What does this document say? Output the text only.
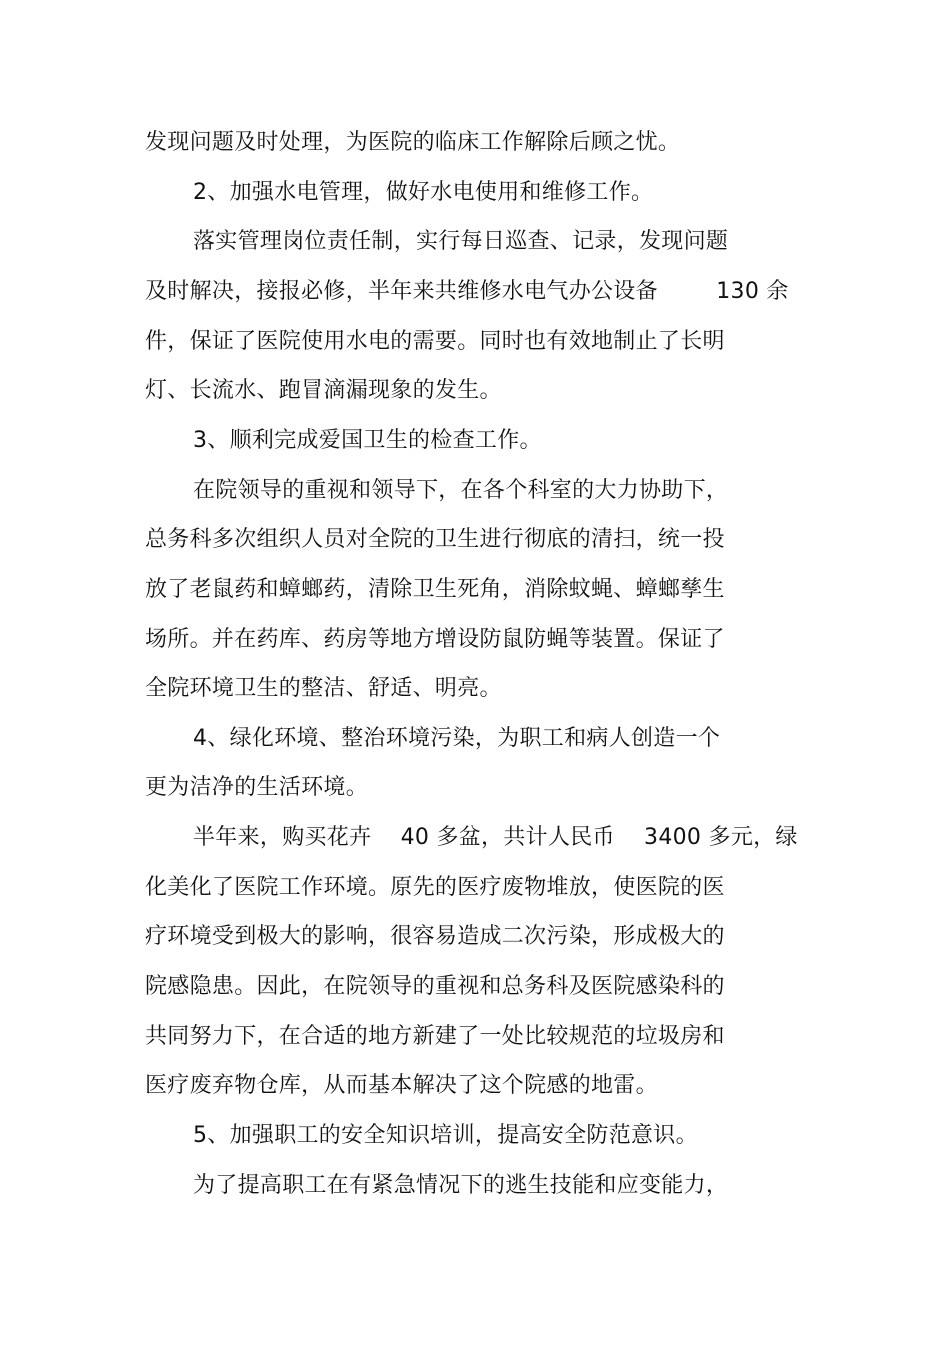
发现问题及时处理，为医院的临床工作解除后顾之忧。
2、加强水电管理，做好水电使用和维修工作。
落实管理岗位责任制，实行每日巡查、记录，发现问题
及时解决，接报必修，半年来共维修水电气办公设备        130 余
件，保证了医院使用水电的需要。同时也有效地制止了长明
灯、长流水、跑冒滴漏现象的发生。
3、顺利完成爱国卫生的检查工作。
在院领导的重视和领导下，在各个科室的大力协助下，
总务科多次组织人员对全院的卫生进行彻底的清扫，统一投
放了老鼠药和蟑螂药，清除卫生死角，消除蚊蝇、蟑螂孳生
场所。并在药库、药房等地方增设防鼠防蝇等装置。保证了
全院环境卫生的整洁、舒适、明亮。
4、绿化环境、整治环境污染，为职工和病人创造一个
更为洁净的生活环境。
半年来，购买花卉    40 多盆，共计人民币    3400 多元，绿
化美化了医院工作环境。原先的医疗废物堆放，使医院的医
疗环境受到极大的影响，很容易造成二次污染，形成极大的
院感隐患。因此，在院领导的重视和总务科及医院感染科的
共同努力下，在合适的地方新建了一处比较规范的垃圾房和
医疗废弃物仓库，从而基本解决了这个院感的地雷。
5、加强职工的安全知识培训，提高安全防范意识。
为了提高职工在有紧急情况下的逃生技能和应变能力，
